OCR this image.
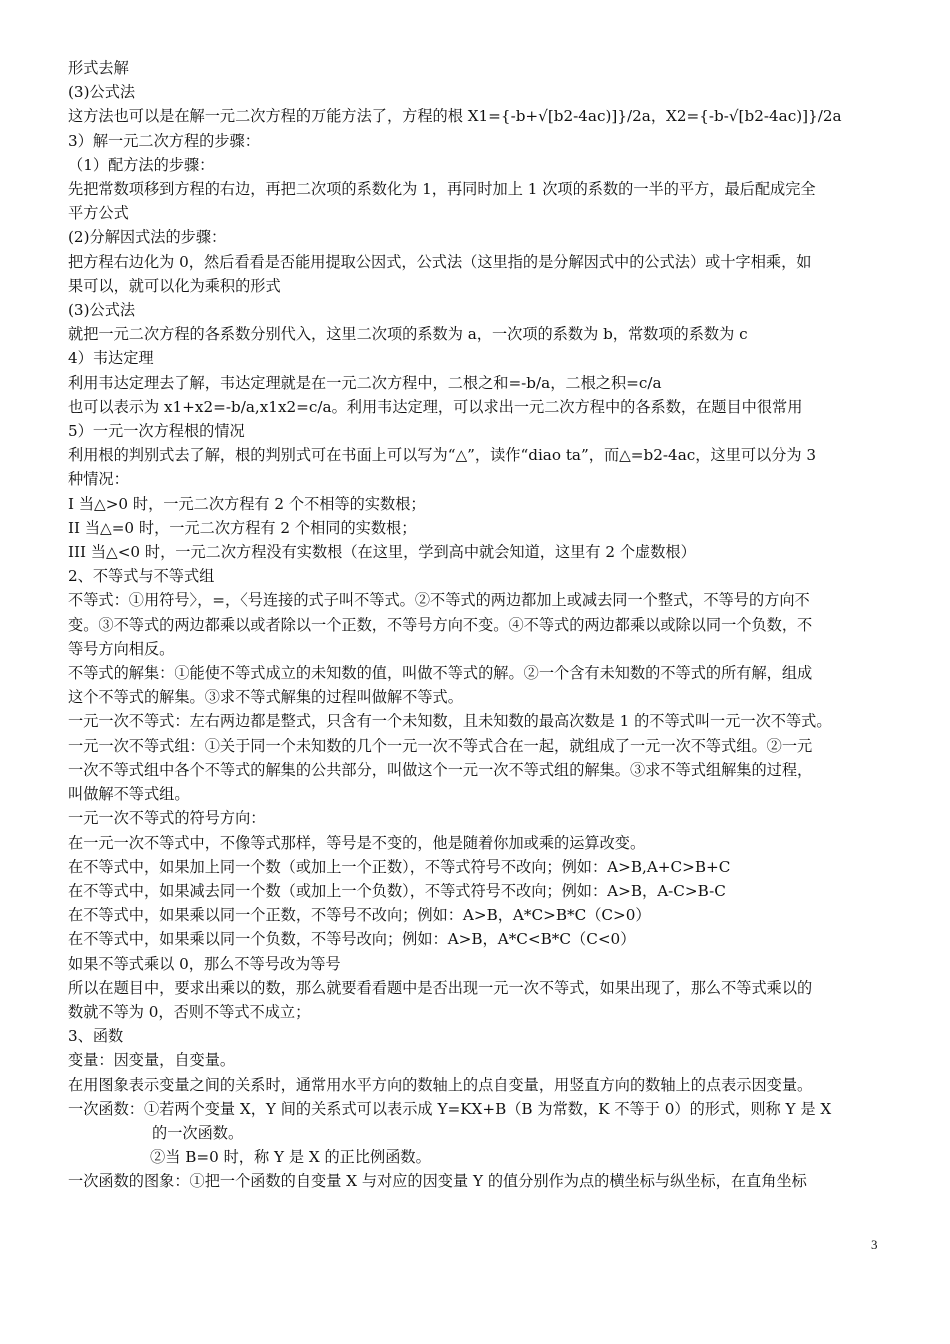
形式去解
(3)公式法
这方法也可以是在解一元二次方程的万能方法了，方程的根 X1={-b+√[b2-4ac)]}/2a，X2={-b-√[b2-4ac)]}/2a
3）解一元二次方程的步骤：
（1）配方法的步骤：
先把常数项移到方程的右边，再把二次项的系数化为 1，再同时加上 1 次项的系数的一半的平方，最后配成完全
平方公式
(2)分解因式法的步骤：
把方程右边化为 0，然后看看是否能用提取公因式，公式法（这里指的是分解因式中的公式法）或十字相乘，如
果可以，就可以化为乘积的形式
(3)公式法
就把一元二次方程的各系数分别代入，这里二次项的系数为 a，一次项的系数为 b，常数项的系数为 c
4）韦达定理
利用韦达定理去了解，韦达定理就是在一元二次方程中，二根之和=-b/a，二根之积=c/a
也可以表示为 x1+x2=-b/a,x1x2=c/a。利用韦达定理，可以求出一元二次方程中的各系数，在题目中很常用
5）一元一次方程根的情况
利用根的判别式去了解，根的判别式可在书面上可以写为“△”，读作“diao ta”，而△=b2-4ac，这里可以分为 3
种情况：
I 当△>0 时，一元二次方程有 2 个不相等的实数根；
II 当△=0 时，一元二次方程有 2 个相同的实数根；
III 当△<0 时，一元二次方程没有实数根（在这里，学到高中就会知道，这里有 2 个虚数根）
2、不等式与不等式组
不等式：①用符号〉，=，〈号连接的式子叫不等式。②不等式的两边都加上或减去同一个整式，不等号的方向不
变。③不等式的两边都乘以或者除以一个正数，不等号方向不变。④不等式的两边都乘以或除以同一个负数，不
等号方向相反。
不等式的解集：①能使不等式成立的未知数的值，叫做不等式的解。②一个含有未知数的不等式的所有解，组成
这个不等式的解集。③求不等式解集的过程叫做解不等式。
一元一次不等式：左右两边都是整式，只含有一个未知数，且未知数的最高次数是 1 的不等式叫一元一次不等式。
一元一次不等式组：①关于同一个未知数的几个一元一次不等式合在一起，就组成了一元一次不等式组。②一元
一次不等式组中各个不等式的解集的公共部分，叫做这个一元一次不等式组的解集。③求不等式组解集的过程，
叫做解不等式组。
一元一次不等式的符号方向：
在一元一次不等式中，不像等式那样，等号是不变的，他是随着你加或乘的运算改变。
在不等式中，如果加上同一个数（或加上一个正数），不等式符号不改向；例如：A>B,A+C>B+C
在不等式中，如果减去同一个数（或加上一个负数），不等式符号不改向；例如：A>B，A-C>B-C
在不等式中，如果乘以同一个正数，不等号不改向；例如：A>B，A*C>B*C（C>0）
在不等式中，如果乘以同一个负数，不等号改向；例如：A>B，A*C<B*C（C<0）
如果不等式乘以 0，那么不等号改为等号
所以在题目中，要求出乘以的数，那么就要看看题中是否出现一元一次不等式，如果出现了，那么不等式乘以的
数就不等为 0，否则不等式不成立；
3、函数
变量：因变量，自变量。
在用图象表示变量之间的关系时，通常用水平方向的数轴上的点自变量，用竖直方向的数轴上的点表示因变量。
一次函数：①若两个变量 X，Y 间的关系式可以表示成 Y=KX+B（B 为常数，K 不等于 0）的形式，则称 Y 是 X
的一次函数。
②当 B=0 时，称 Y 是 X 的正比例函数。
一次函数的图象：①把一个函数的自变量 X 与对应的因变量 Y 的值分别作为点的横坐标与纵坐标，在直角坐标
3
